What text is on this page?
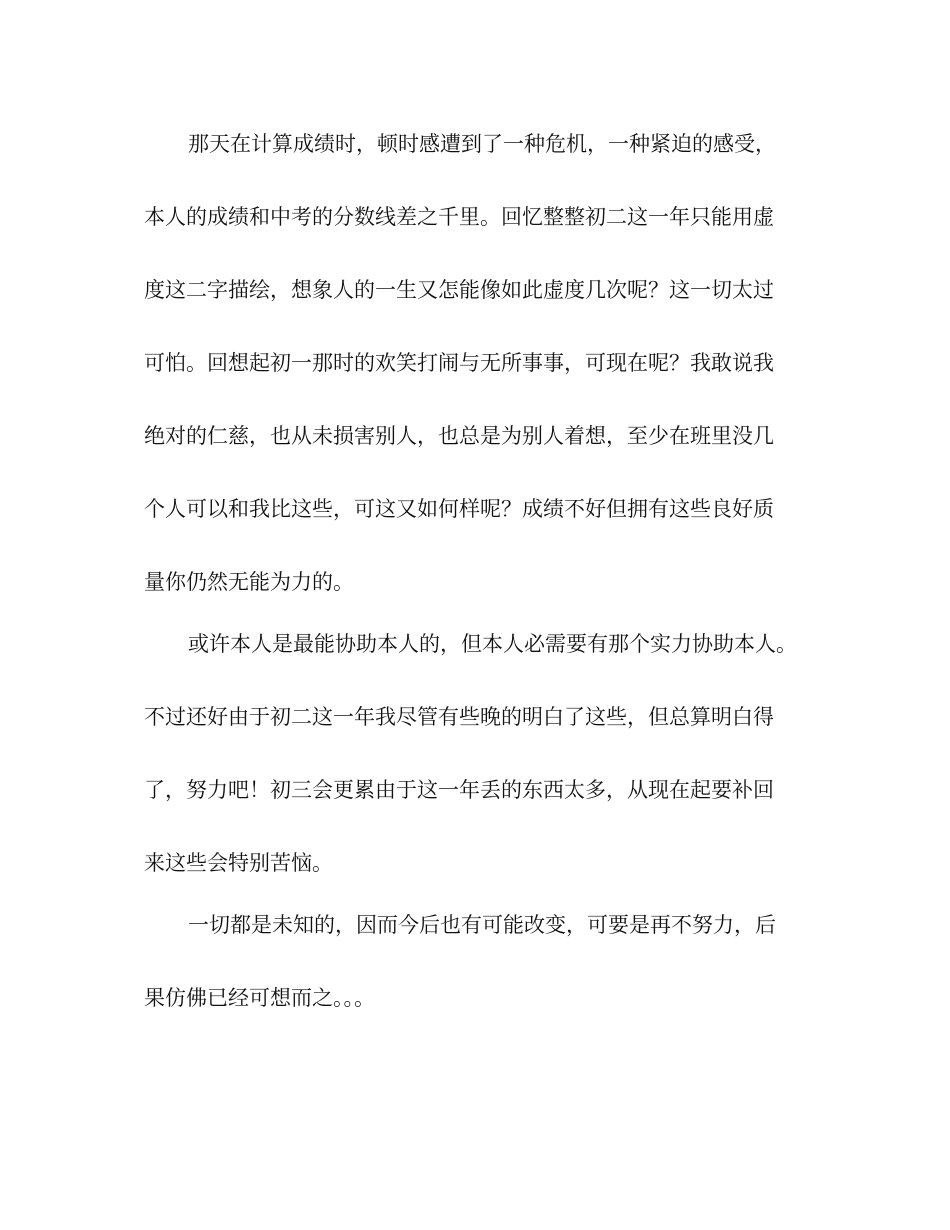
那天在计算成绩时，顿时感遭到了一种危机，一种紧迫的感受，
本人的成绩和中考的分数线差之千里。回忆整整初二这一年只能用虚
度这二字描绘，想象人的一生又怎能像如此虚度几次呢？这一切太过
可怕。回想起初一那时的欢笑打闹与无所事事，可现在呢？我敢说我
绝对的仁慈，也从未损害别人，也总是为别人着想，至少在班里没几
个人可以和我比这些，可这又如何样呢？成绩不好但拥有这些良好质
量你仍然无能为力的。
或许本人是最能协助本人的，但本人必需要有那个实力协助本人。
不过还好由于初二这一年我尽管有些晚的明白了这些，但总算明白得
了，努力吧！初三会更累由于这一年丢的东西太多，从现在起要补回
来这些会特别苦恼。
一切都是未知的，因而今后也有可能改变，可要是再不努力，后
果仿佛已经可想而之。。。
